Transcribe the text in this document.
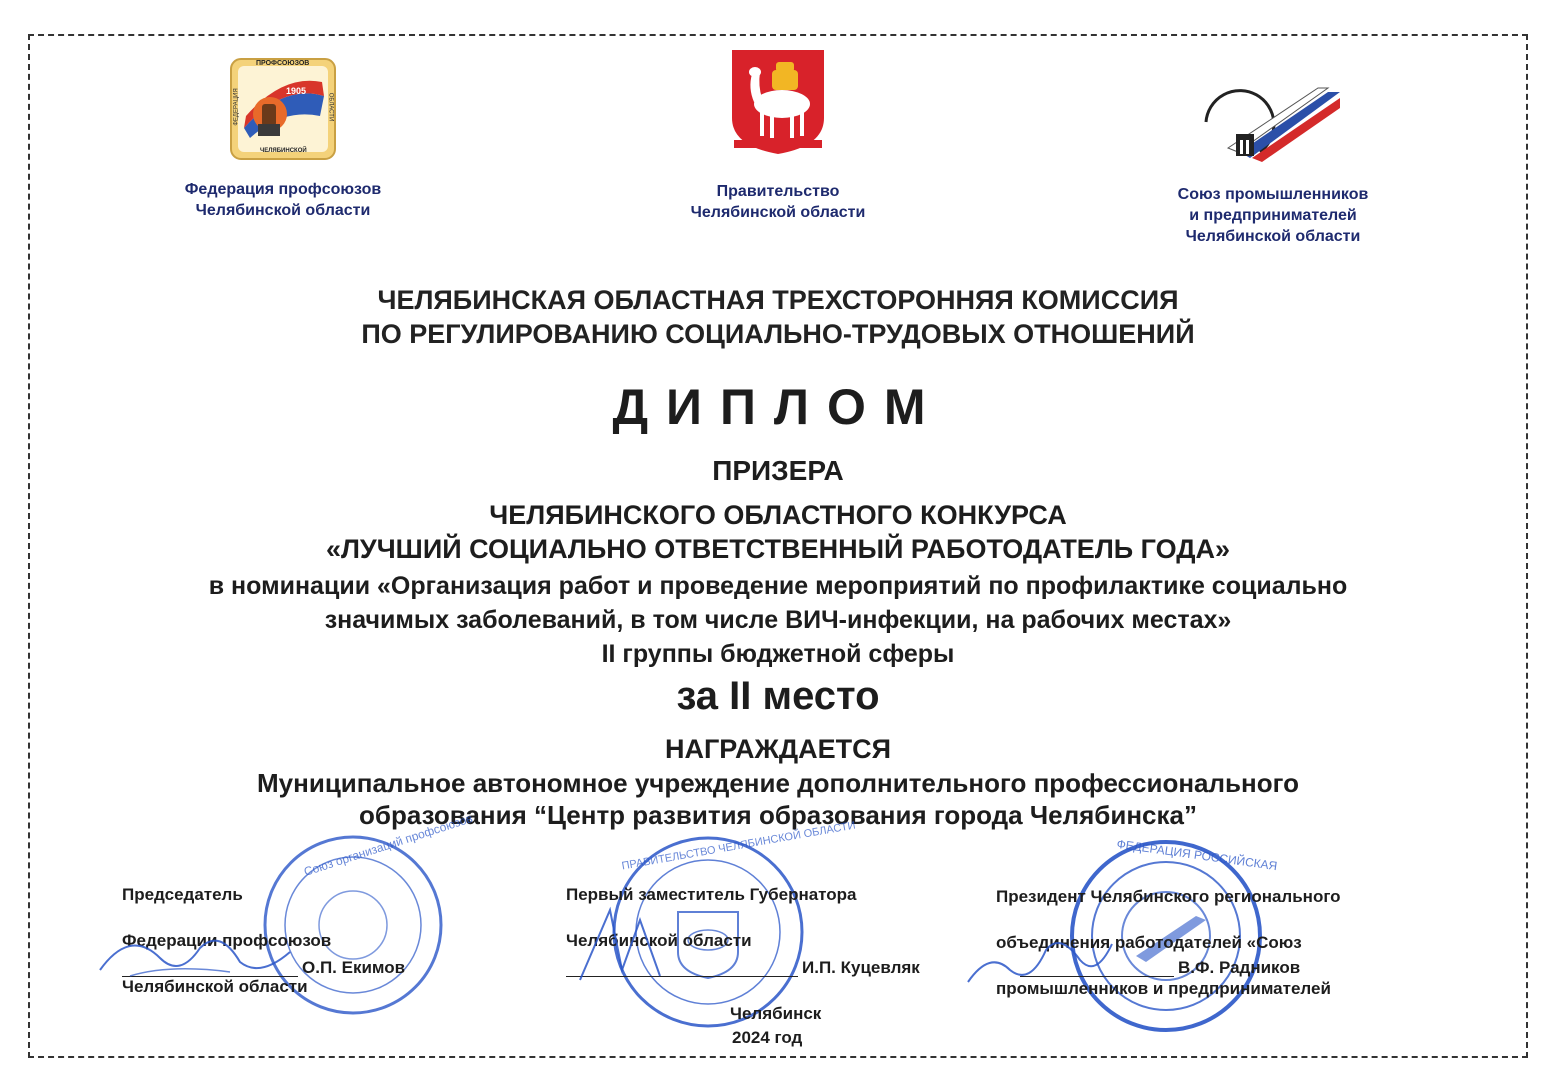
ПРОФСОЮЗОВ
1905
ФЕДЕРАЦИЯ	ОБЛАСТИ
ЧЕЛЯБИНСКОЙ
Федерация профсоюзов
Челябинской области
Правительство
Челябинской области
Союз промышленников
и предпринимателей
Челябинской области
ЧЕЛЯБИНСКАЯ ОБЛАСТНАЯ ТРЕХСТОРОННЯЯ КОМИССИЯ
ПО РЕГУЛИРОВАНИЮ СОЦИАЛЬНО-ТРУДОВЫХ ОТНОШЕНИЙ
ДИПЛОМ
ПРИЗЕРА
ЧЕЛЯБИНСКОГО ОБЛАСТНОГО КОНКУРСА
«ЛУЧШИЙ СОЦИАЛЬНО ОТВЕТСТВЕННЫЙ РАБОТОДАТЕЛЬ ГОДА»
в номинации «Организация работ и проведение мероприятий по профилактике социально
значимых заболеваний, в том числе ВИЧ-инфекции, на рабочих местах»
II группы бюджетной сферы
за II место
НАГРАЖДАЕТСЯ
Муниципальное автономное учреждение дополнительного профессионального
образования “Центр развития образования города Челябинска”
Союз организаций профсоюзов	ПРАВИТЕЛЬСТВО ЧЕЛЯБИНСКОЙ ОБЛАСТИ	ФЕДЕРАЦИЯ РОССИЙСКАЯ

Председатель

Федерации профсоюзов

Челябинской области

О.П. Екимов

Первый заместитель Губернатора

Челябинской области

И.П. Куцевляк

Президент Челябинского регионального

объединения работодателей «Союз

промышленников и предпринимателей

В.Ф. Радников
Челябинск
2024 год
